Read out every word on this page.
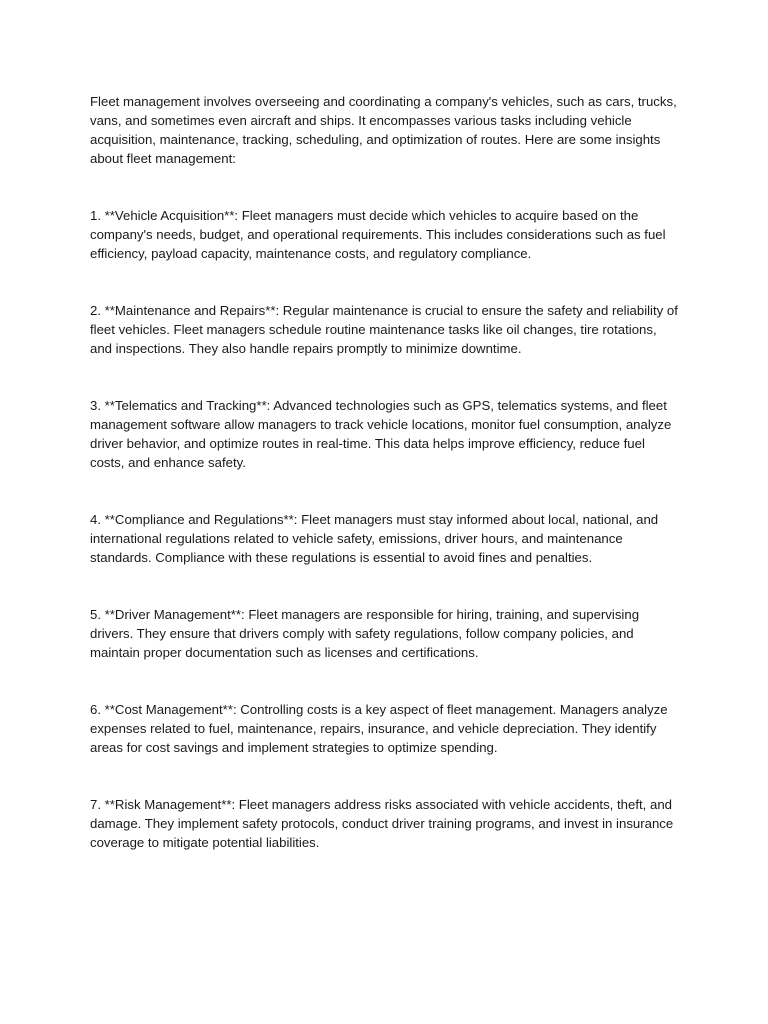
Fleet management involves overseeing and coordinating a company's vehicles, such as cars, trucks, vans, and sometimes even aircraft and ships. It encompasses various tasks including vehicle acquisition, maintenance, tracking, scheduling, and optimization of routes. Here are some insights about fleet management:

1. **Vehicle Acquisition**: Fleet managers must decide which vehicles to acquire based on the company's needs, budget, and operational requirements. This includes considerations such as fuel efficiency, payload capacity, maintenance costs, and regulatory compliance.

2. **Maintenance and Repairs**: Regular maintenance is crucial to ensure the safety and reliability of fleet vehicles. Fleet managers schedule routine maintenance tasks like oil changes, tire rotations, and inspections. They also handle repairs promptly to minimize downtime.

3. **Telematics and Tracking**: Advanced technologies such as GPS, telematics systems, and fleet management software allow managers to track vehicle locations, monitor fuel consumption, analyze driver behavior, and optimize routes in real-time. This data helps improve efficiency, reduce fuel costs, and enhance safety.

4. **Compliance and Regulations**: Fleet managers must stay informed about local, national, and international regulations related to vehicle safety, emissions, driver hours, and maintenance standards. Compliance with these regulations is essential to avoid fines and penalties.

5. **Driver Management**: Fleet managers are responsible for hiring, training, and supervising drivers. They ensure that drivers comply with safety regulations, follow company policies, and maintain proper documentation such as licenses and certifications.

6. **Cost Management**: Controlling costs is a key aspect of fleet management. Managers analyze expenses related to fuel, maintenance, repairs, insurance, and vehicle depreciation. They identify areas for cost savings and implement strategies to optimize spending.

7. **Risk Management**: Fleet managers address risks associated with vehicle accidents, theft, and damage. They implement safety protocols, conduct driver training programs, and invest in insurance coverage to mitigate potential liabilities.
